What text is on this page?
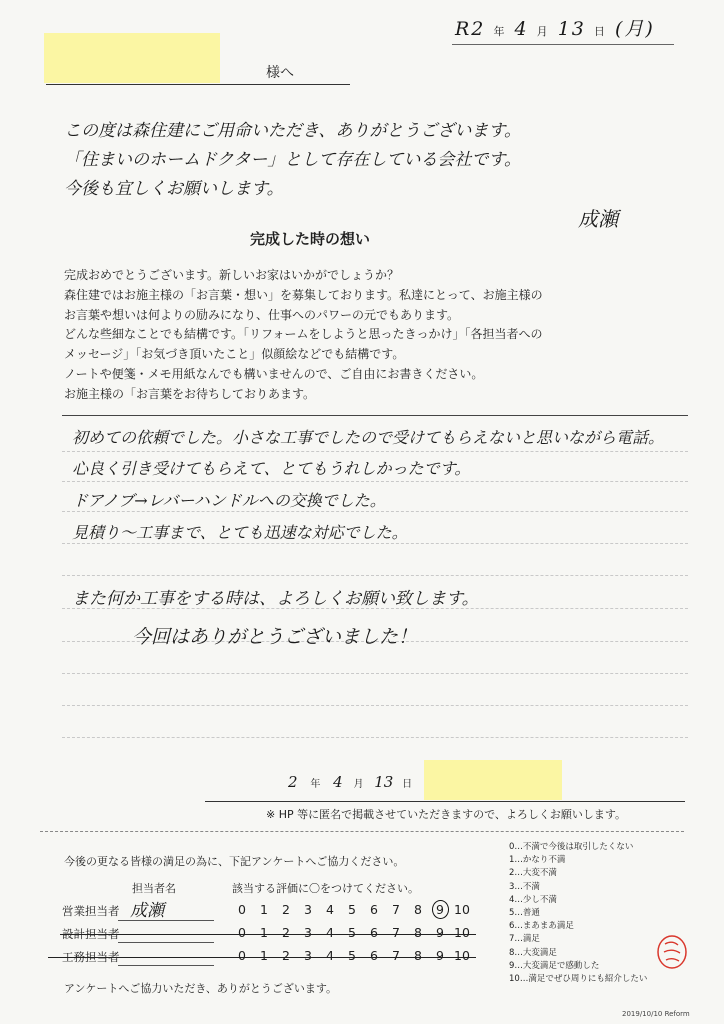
R2 年 4 月 13 日 (月)
様へ
この度は森住建にご用命いただき、ありがとうございます。
「住まいのホームドクター」として存在している会社です。
今後も宜しくお願いします。
成瀬
完成した時の想い
完成おめでとうございます。新しいお家はいかがでしょうか？
森住建ではお施主様の「お言葉・想い」を募集しております。私達にとって、お施主様の
お言葉や想いは何よりの励みになり、仕事へのパワーの元でもあります。
どんな些細なことでも結構です。「リフォームをしようと思ったきっかけ」「各担当者への
メッセージ」「お気づき頂いたこと」似顔絵などでも結構です。
ノートや便箋・メモ用紙なんでも構いませんので、ご自由にお書きください。
お施主様の「お言葉をお待ちしておりあます。
初めての依頼でした。小さな工事でしたので受けてもらえないと思いながら電話。
心良く引き受けてもらえて、とてもうれしかったです。
ドアノブ→レバーハンドルへの交換でした。
見積り〜工事まで、とても迅速な対応でした。
また何か工事をする時は、よろしくお願い致します。
今回はありがとうございました！
2 年 4 月 13 日
※ HP 等に匿名で掲載させていただきますので、よろしくお願いします。
今後の更なる皆様の満足の為に、下記アンケートへご協力ください。
担当者名	該当する評価に〇をつけてください。
営業担当者 成瀬	0 1 2 3 4 5 6 7 8 9 10
設計担当者	0 1 2 3 4 5 6 7 8 9 10
工務担当者	0 1 2 3 4 5 6 7 8 9 10
アンケートへご協力いただき、ありがとうございます。
0…不満で今後は取引したくない
1…かなり不満
2…大変不満
3…不満
4…少し不満
5…普通
6…まあまあ満足
7…満足
8…大変満足
9…大変満足で感動した
10…満足でぜひ周りにも紹介したい
2019/10/10 Reform
